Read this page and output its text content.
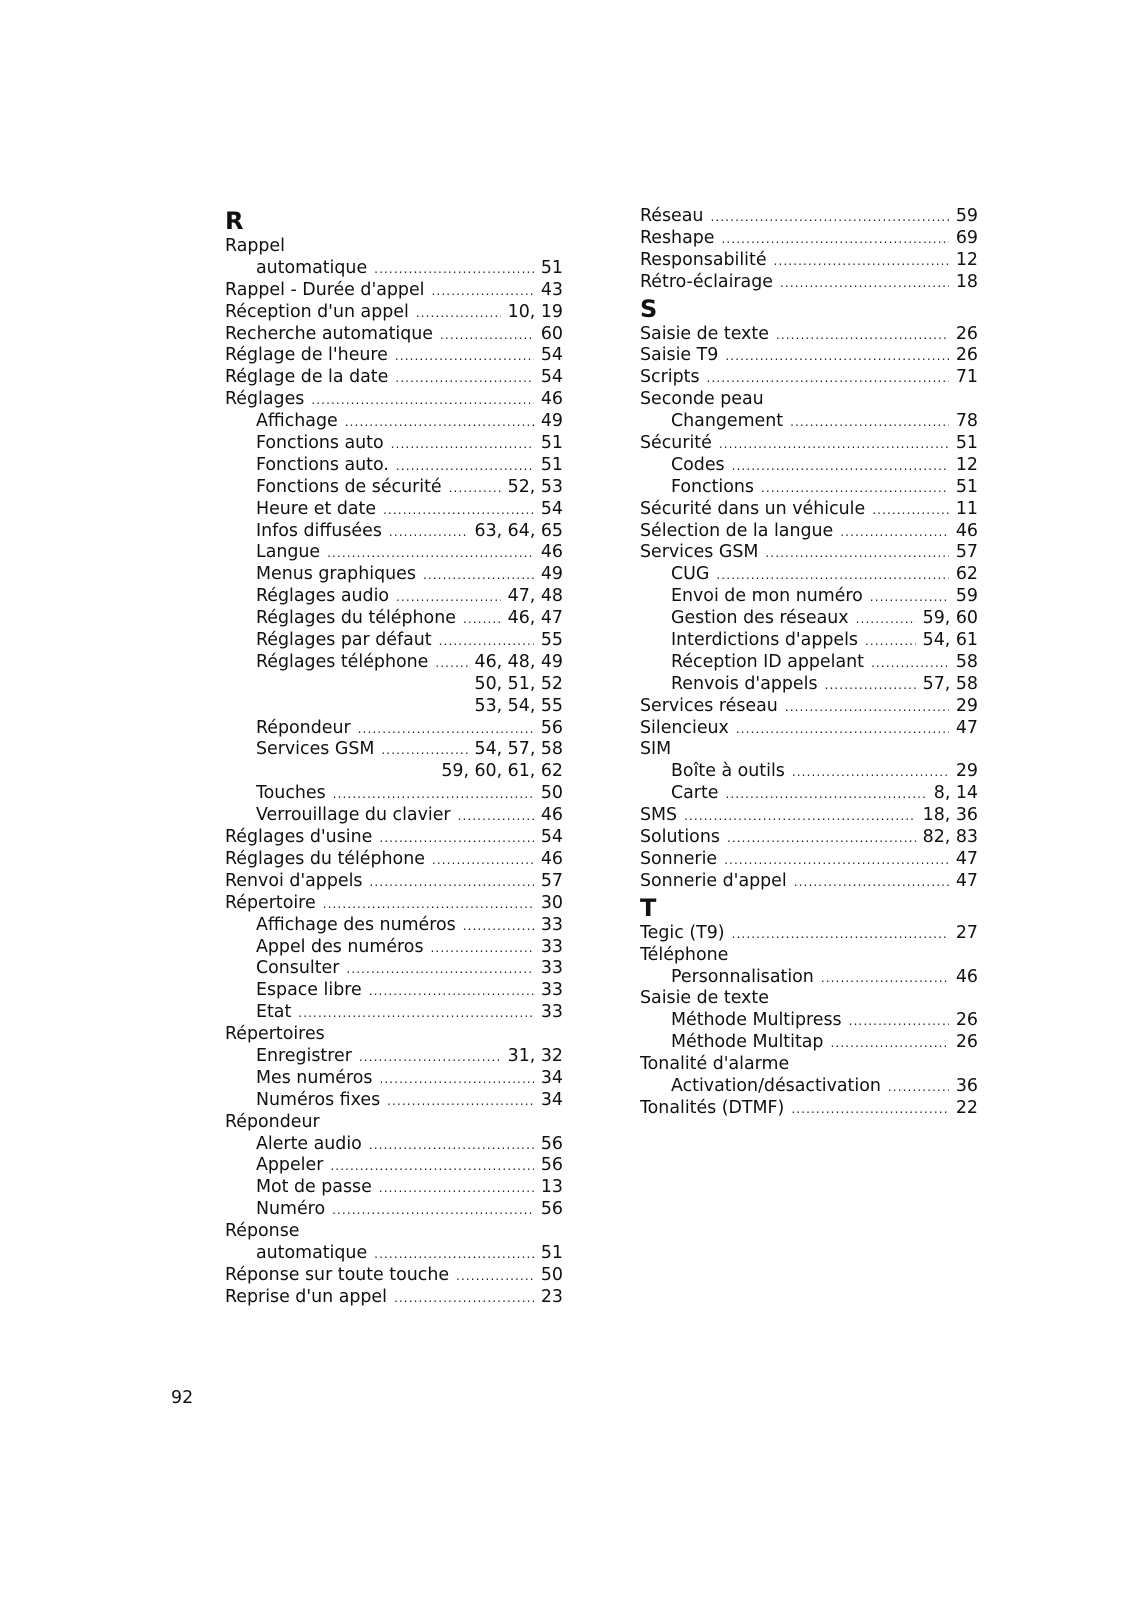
R
Rappel
automatique .....	51
Rappel - Durée d'appel .....	43
Réception d'un appel .....	10, 19
Recherche automatique .....	60
Réglage de l'heure .....	54
Réglage de la date .....	54
Réglages .....	46
Affichage .....	49
Fonctions auto .....	51
Fonctions auto. .....	51
Fonctions de sécurité .....	52, 53
Heure et date .....	54
Infos diffusées .....	63, 64, 65
Langue .....	46
Menus graphiques .....	49
Réglages audio .....	47, 48
Réglages du téléphone .....	46, 47
Réglages par défaut .....	55
Réglages téléphone .....	46, 48, 49
50, 51, 52
53, 54, 55
Répondeur .....	56
Services GSM .....	54, 57, 58
59, 60, 61, 62
Touches .....	50
Verrouillage du clavier .....	46
Réglages d'usine .....	54
Réglages du téléphone .....	46
Renvoi d'appels .....	57
Répertoire .....	30
Affichage des numéros .....	33
Appel des numéros .....	33
Consulter .....	33
Espace libre .....	33
Etat .....	33
Répertoires
Enregistrer .....	31, 32
Mes numéros .....	34
Numéros fixes .....	34
Répondeur
Alerte audio .....	56
Appeler .....	56
Mot de passe .....	13
Numéro .....	56
Réponse
automatique .....	51
Réponse sur toute touche .....	50
Reprise d'un appel .....	23
Réseau .....	59
Reshape .....	69
Responsabilité .....	12
Rétro-éclairage .....	18
S
Saisie de texte .....	26
Saisie T9 .....	26
Scripts .....	71
Seconde peau
Changement .....	78
Sécurité .....	51
Codes .....	12
Fonctions .....	51
Sécurité dans un véhicule .....	11
Sélection de la langue .....	46
Services GSM .....	57
CUG .....	62
Envoi de mon numéro .....	59
Gestion des réseaux .....	59, 60
Interdictions d'appels .....	54, 61
Réception ID appelant .....	58
Renvois d'appels .....	57, 58
Services réseau .....	29
Silencieux .....	47
SIM
Boîte à outils .....	29
Carte .....	8, 14
SMS .....	18, 36
Solutions .....	82, 83
Sonnerie .....	47
Sonnerie d'appel .....	47
T
Tegic (T9) .....	27
Téléphone
Personnalisation .....	46
Saisie de texte
Méthode Multipress .....	26
Méthode Multitap .....	26
Tonalité d'alarme
Activation/désactivation .....	36
Tonalités (DTMF) .....	22
92
